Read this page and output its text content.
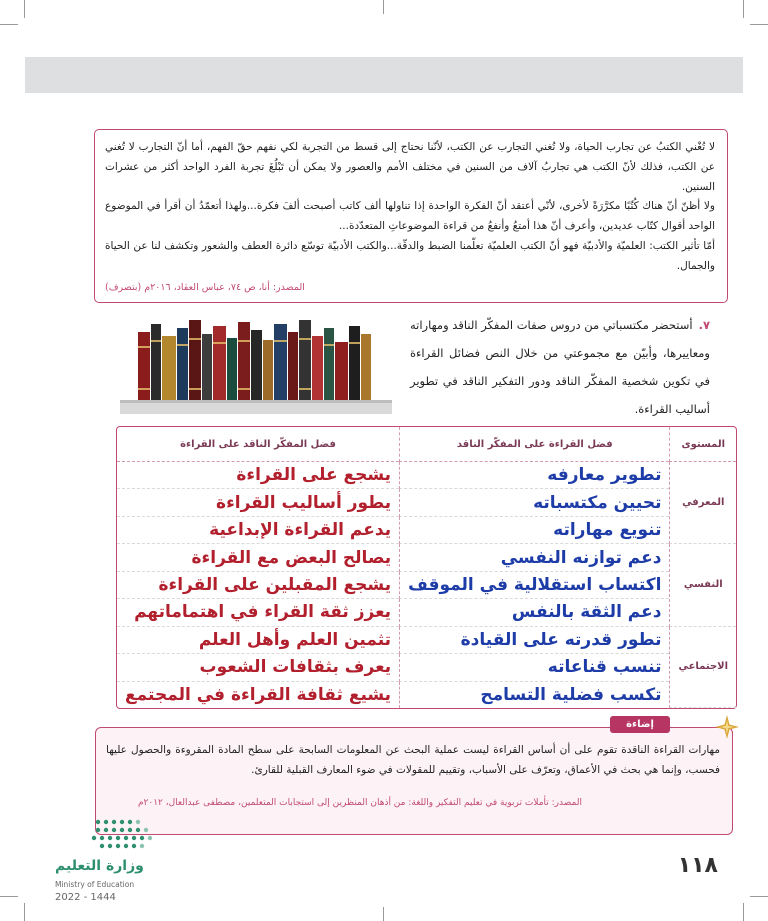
لا تُغْني الكتبُ عن تجارب الحياة، ولا تُغني التجارب عن الكتب، لأنّنا نحتاج إلى قسط من التجربة لكي نفهم حقّ الفهم، أما أنّ التجارب لا تُغني عن الكتب، فذلك لأنّ الكتب هي تجاربُ آلاف من السنين في مختلف الأمم والعصور ولا يمكن أن تَبْلُغَ تجربة الفرد الواحد أكثر من عشرات السنين.

ولا أظنّ أنّ هناك كُتُبًا مكرَّرَةً لأخرى، لأنّي أعتقد أنّ الفكرة الواحدة إذا تناولها ألف كاتب أصبحت ألفَ فكرة...ولهذا أتعمّدُ أن أقرأ في الموضوع الواحد أقوال كتّاب عديدين، وأعرف أنّ هذا أمتعُ وأنفعُ من قراءة الموضوعاتِ المتعدّدة...

أمّا تأثير الكتب: العلميّة والأدبيّة فهو أنّ الكتب العلميّة تعلّمنا الضبط والدقّة...والكتب الأدبيّة توسّع دائرة العطف والشعور وتكشف لنا عن الحياة والجمال.

المصدر: أنا، ص ٧٤، عباس العقاد، ٢٠١٦م (بتصرف)
٧.أستحضر مكتسباتي من دروس صفات المفكّر الناقد ومهاراته ومعاييرها، وأبيّن مع مجموعتي من خلال النص فضائل القراءة في تكوين شخصية المفكّر الناقد ودور التفكير الناقد في تطوير أساليب القراءة.
المستوى	فضل القراءة على المفكّر الناقد	فضل المفكّر الناقد على القراءة
المعرفي	تطوير معارفه	يشجع على القراءة
	تحيين مكتسباته	يطور أساليب القراءة
	تنويع مهاراته	يدعم القراءة الإبداعية
النفسي	دعم توازنه النفسي	يصالح البعض مع القراءة
	اكتساب استقلالية في الموقف	يشجع المقبلين على القراءة
	دعم الثقة بالنفس	يعزز ثقة القراء في اهتماماتهم
الاجتماعي	تطور قدرته على القيادة	تثمين العلم وأهل العلم
	تنسب قناعاته	يعرف بثقافات الشعوب
	تكسب فضلية التسامح	يشيع ثقافة القراءة في المجتمع
إضاءة
مهارات القراءة الناقدة تقوم على أن أساس القراءة ليست عملية البحث عن المعلومات السابحة على سطح المادة المقروءة والحصول عليها فحسب، وإنما هي بحث في الأعماق، وتعرّف على الأسباب، وتقييم للمقولات في ضوء المعارف القبلية للقارئ.
المصدر: تأملات تربوية في تعليم التفكير واللغة: من أذهان المنظرين إلى استجابات المتعلمين، مصطفى عبدالعال، ٢٠١٢م
١١٨
وزارة التعليم
Ministry of Education
2022 - 1444
